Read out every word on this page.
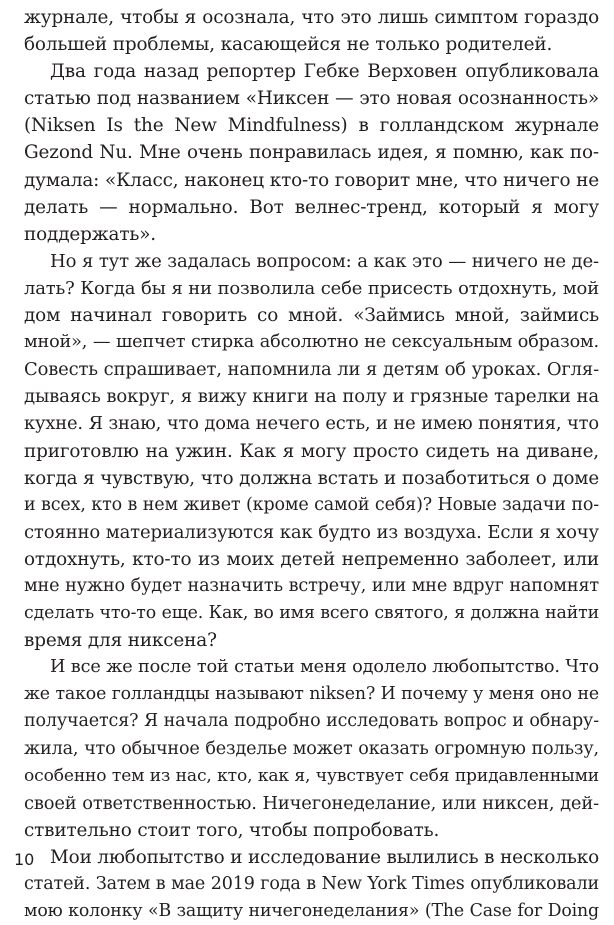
журнале, чтобы я осознала, что это лишь симптом гораздо
большей проблемы, касающейся не только родителей.

Два года назад репортер Гебке Верховен опубликовала
статью под названием «Никсен — это новая осознанность»
(Niksen Is the New Mindfulness) в голландском журнале
Gezond Nu. Мне очень понравилась идея, я помню, как по-
думала: «Класс, наконец кто-то говорит мне, что ничего не
делать — нормально. Вот велнес-тренд, который я могу
поддержать».

Но я тут же задалась вопросом: а как это — ничего не де-
лать? Когда бы я ни позволила себе присесть отдохнуть, мой
дом начинал говорить со мной. «Займись мной, займись
мной», — шепчет стирка абсолютно не сексуальным образом.
Совесть спрашивает, напомнила ли я детям об уроках. Огля-
дываясь вокруг, я вижу книги на полу и грязные тарелки на
кухне. Я знаю, что дома нечего есть, и не имею понятия, что
приготовлю на ужин. Как я могу просто сидеть на диване,
когда я чувствую, что должна встать и позаботиться о доме
и всех, кто в нем живет (кроме самой себя)? Новые задачи по-
стоянно материализуются как будто из воздуха. Если я хочу
отдохнуть, кто-то из моих детей непременно заболеет, или
мне нужно будет назначить встречу, или мне вдруг напомнят
сделать что-то еще. Как, во имя всего святого, я должна найти
время для никсена?

И все же после той статьи меня одолело любопытство. Что
же такое голландцы называют niksen? И почему у меня оно не
получается? Я начала подробно исследовать вопрос и обнару-
жила, что обычное безделье может оказать огромную пользу,
особенно тем из нас, кто, как я, чувствует себя придавленными
своей ответственностью. Ничегонеделание, или никсен, дей-
ствительно стоит того, чтобы попробовать.

Мои любопытство и исследование вылились в несколько
статей. Затем в мае 2019 года в New York Times опубликовали
мою колонку «В защиту ничегонеделания» (The Case for Doing

10
